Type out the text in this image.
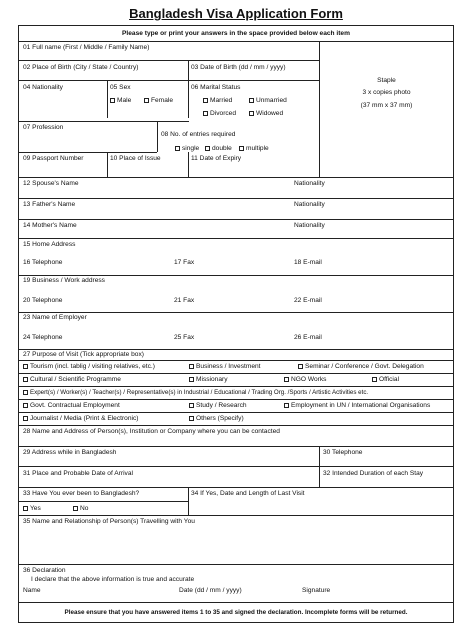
Bangladesh Visa Application Form
Please type or print your answers in the space provided below each item
01 Full name (First / Middle / Family Name)
02 Place of Birth (City / State / Country)	03 Date of Birth (dd / mm / yyyy)
Staple
3 x copies photo
(37 mm x 37 mm)
04 Nationality	05 Sex
Male	Female
06 Marital Status
Married	Unmarried
Divorced	Widowed
07 Profession
08 No. of entries required
single	double	multiple
09 Passport Number	10 Place of Issue	11 Date of Expiry
12 Spouse's Name	Nationality
13 Father's Name	Nationality
14 Mother's Name	Nationality
15 Home Address
16 Telephone	17 Fax	18 E-mail
19 Business / Work address
20 Telephone	21 Fax	22 E-mail
23 Name of Employer
24 Telephone	25 Fax	26 E-mail
27 Purpose of Visit (Tick appropriate box)
Tourism (incl. tablig / visiting relatives, etc.)	Business / Investment	Seminar / Conference / Govt. Delegation
Cultural / Scientific Programme	Missionary	NGO Works	Official
Expert(s) / Worker(s) / Teacher(s) / Representative(s) in Industrial / Educational / Trading Org. /Sports / Artistic Activities etc.
Govt. Contractual Employment	Study / Research	Employment in UN / International Organisations
Journalist / Media (Print & Electronic)	Others (Specify)
28 Name and Address of Person(s), Institution or Company where you can be contacted
29 Address while in Bangladesh	30 Telephone
31 Place and Probable Date of Arrival	32 Intended Duration of each Stay
33 Have You ever been to Bangladesh?	34 If Yes, Date and Length of Last Visit
Yes	No
35 Name and Relationship of Person(s) Travelling with You
36 Declaration
I declare that the above information is true and accurate
Name	Date (dd / mm / yyyy)	Signature
Please ensure that you have answered items 1 to 35 and signed the declaration. Incomplete forms will be returned.
